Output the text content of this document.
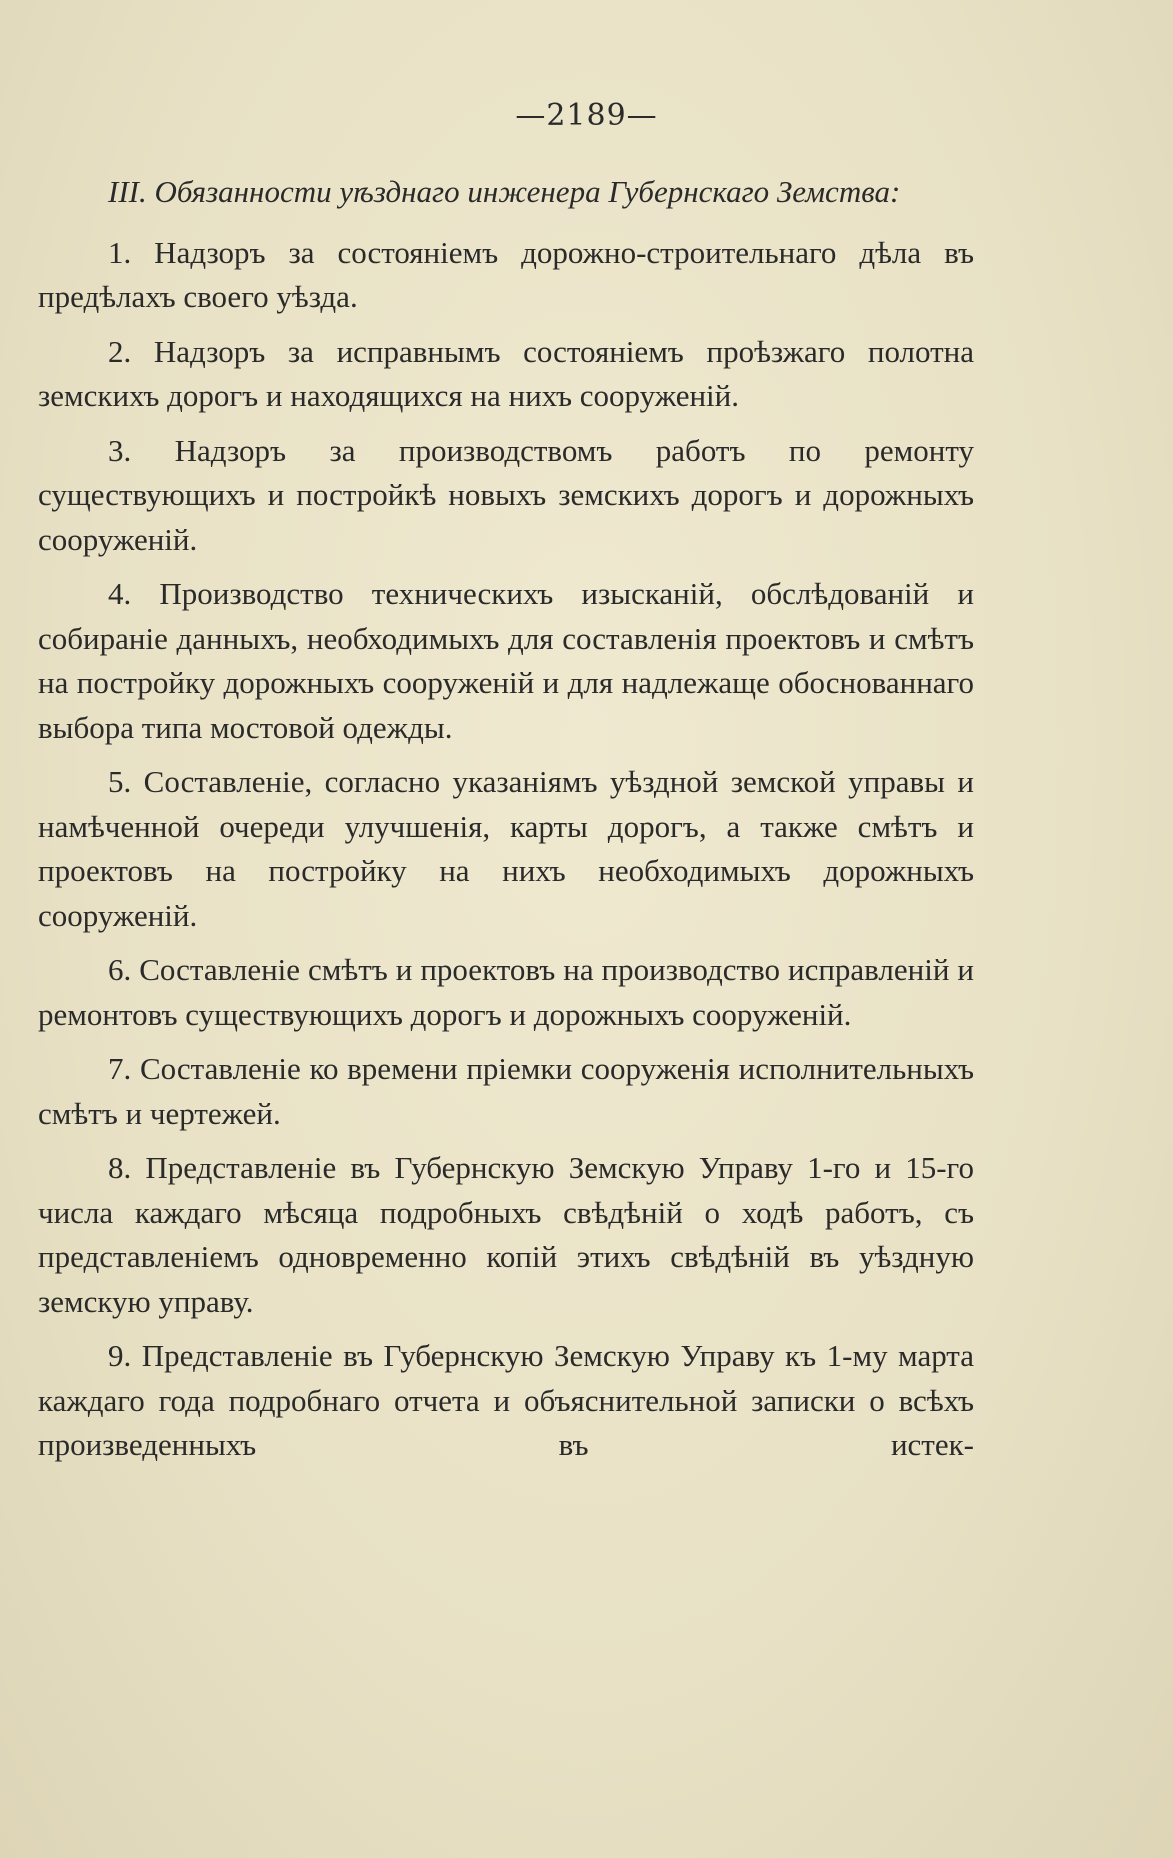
—2189—

III. Обязанности уѣзднаго инженера Губернскаго Земства:

1. Надзоръ за состояніемъ дорожно-строительнаго дѣла въ предѣлахъ своего уѣзда.

2. Надзоръ за исправнымъ состояніемъ проѣзжаго полотна земскихъ дорогъ и находящихся на нихъ сооруженій.

3. Надзоръ за производствомъ работъ по ремонту существующихъ и постройкѣ новыхъ земскихъ дорогъ и дорожныхъ сооруженій.

4. Производство техническихъ изысканій, обслѣдованій и собираніе данныхъ, необходимыхъ для составленія проектовъ и смѣтъ на постройку дорожныхъ сооруженій и для надлежаще обоснованнаго выбора типа мостовой одежды.

5. Составленіе, согласно указаніямъ уѣздной земской управы и намѣченной очереди улучшенія, карты дорогъ, а также смѣтъ и проектовъ на постройку на нихъ необходимыхъ дорожныхъ сооруженій.

6. Составленіе смѣтъ и проектовъ на производство исправленій и ремонтовъ существующихъ дорогъ и дорожныхъ сооруженій.

7. Составленіе ко времени пріемки сооруженія исполнительныхъ смѣтъ и чертежей.

8. Представленіе въ Губернскую Земскую Управу 1-го и 15-го числа каждаго мѣсяца подробныхъ свѣдѣній о ходѣ работъ, съ представленіемъ одновременно копій этихъ свѣдѣній въ уѣздную земскую управу.

9. Представленіе въ Губернскую Земскую Управу къ 1-му марта каждаго года подробнаго отчета и объяснительной записки о всѣхъ произведенныхъ въ истек-
